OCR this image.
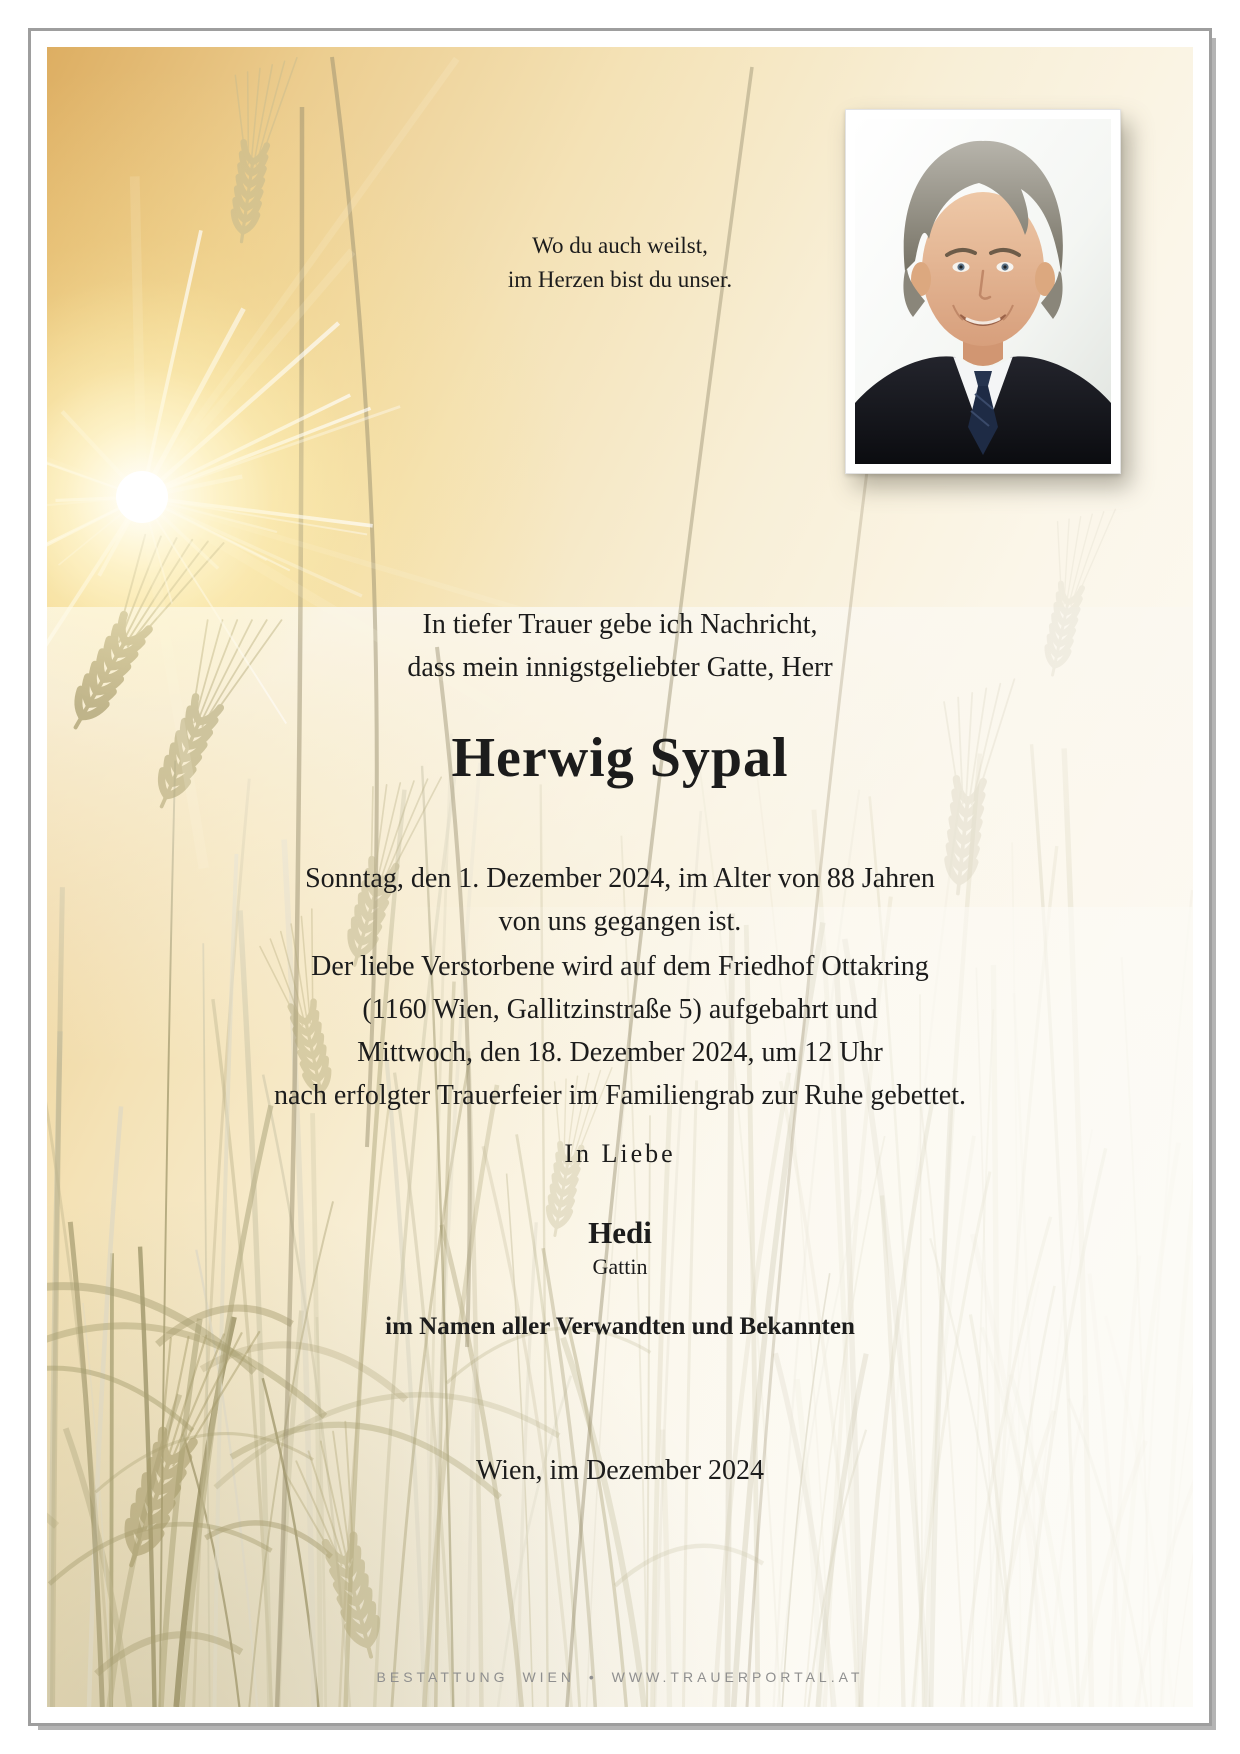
Wo du auch weilst,
im Herzen bist du unser.
In tiefer Trauer gebe ich Nachricht,
dass mein innigstgeliebter Gatte, Herr
Herwig Sypal
Sonntag, den 1. Dezember 2024, im Alter von 88 Jahren
von uns gegangen ist.
Der liebe Verstorbene wird auf dem Friedhof Ottakring
(1160 Wien, Gallitzinstraße 5) aufgebahrt und
Mittwoch, den 18. Dezember 2024, um 12 Uhr
nach erfolgter Trauerfeier im Familiengrab zur Ruhe gebettet.
In Liebe
Hedi
Gattin
im Namen aller Verwandten und Bekannten
Wien, im Dezember 2024
BESTATTUNG WIEN • WWW.TRAUERPORTAL.AT
